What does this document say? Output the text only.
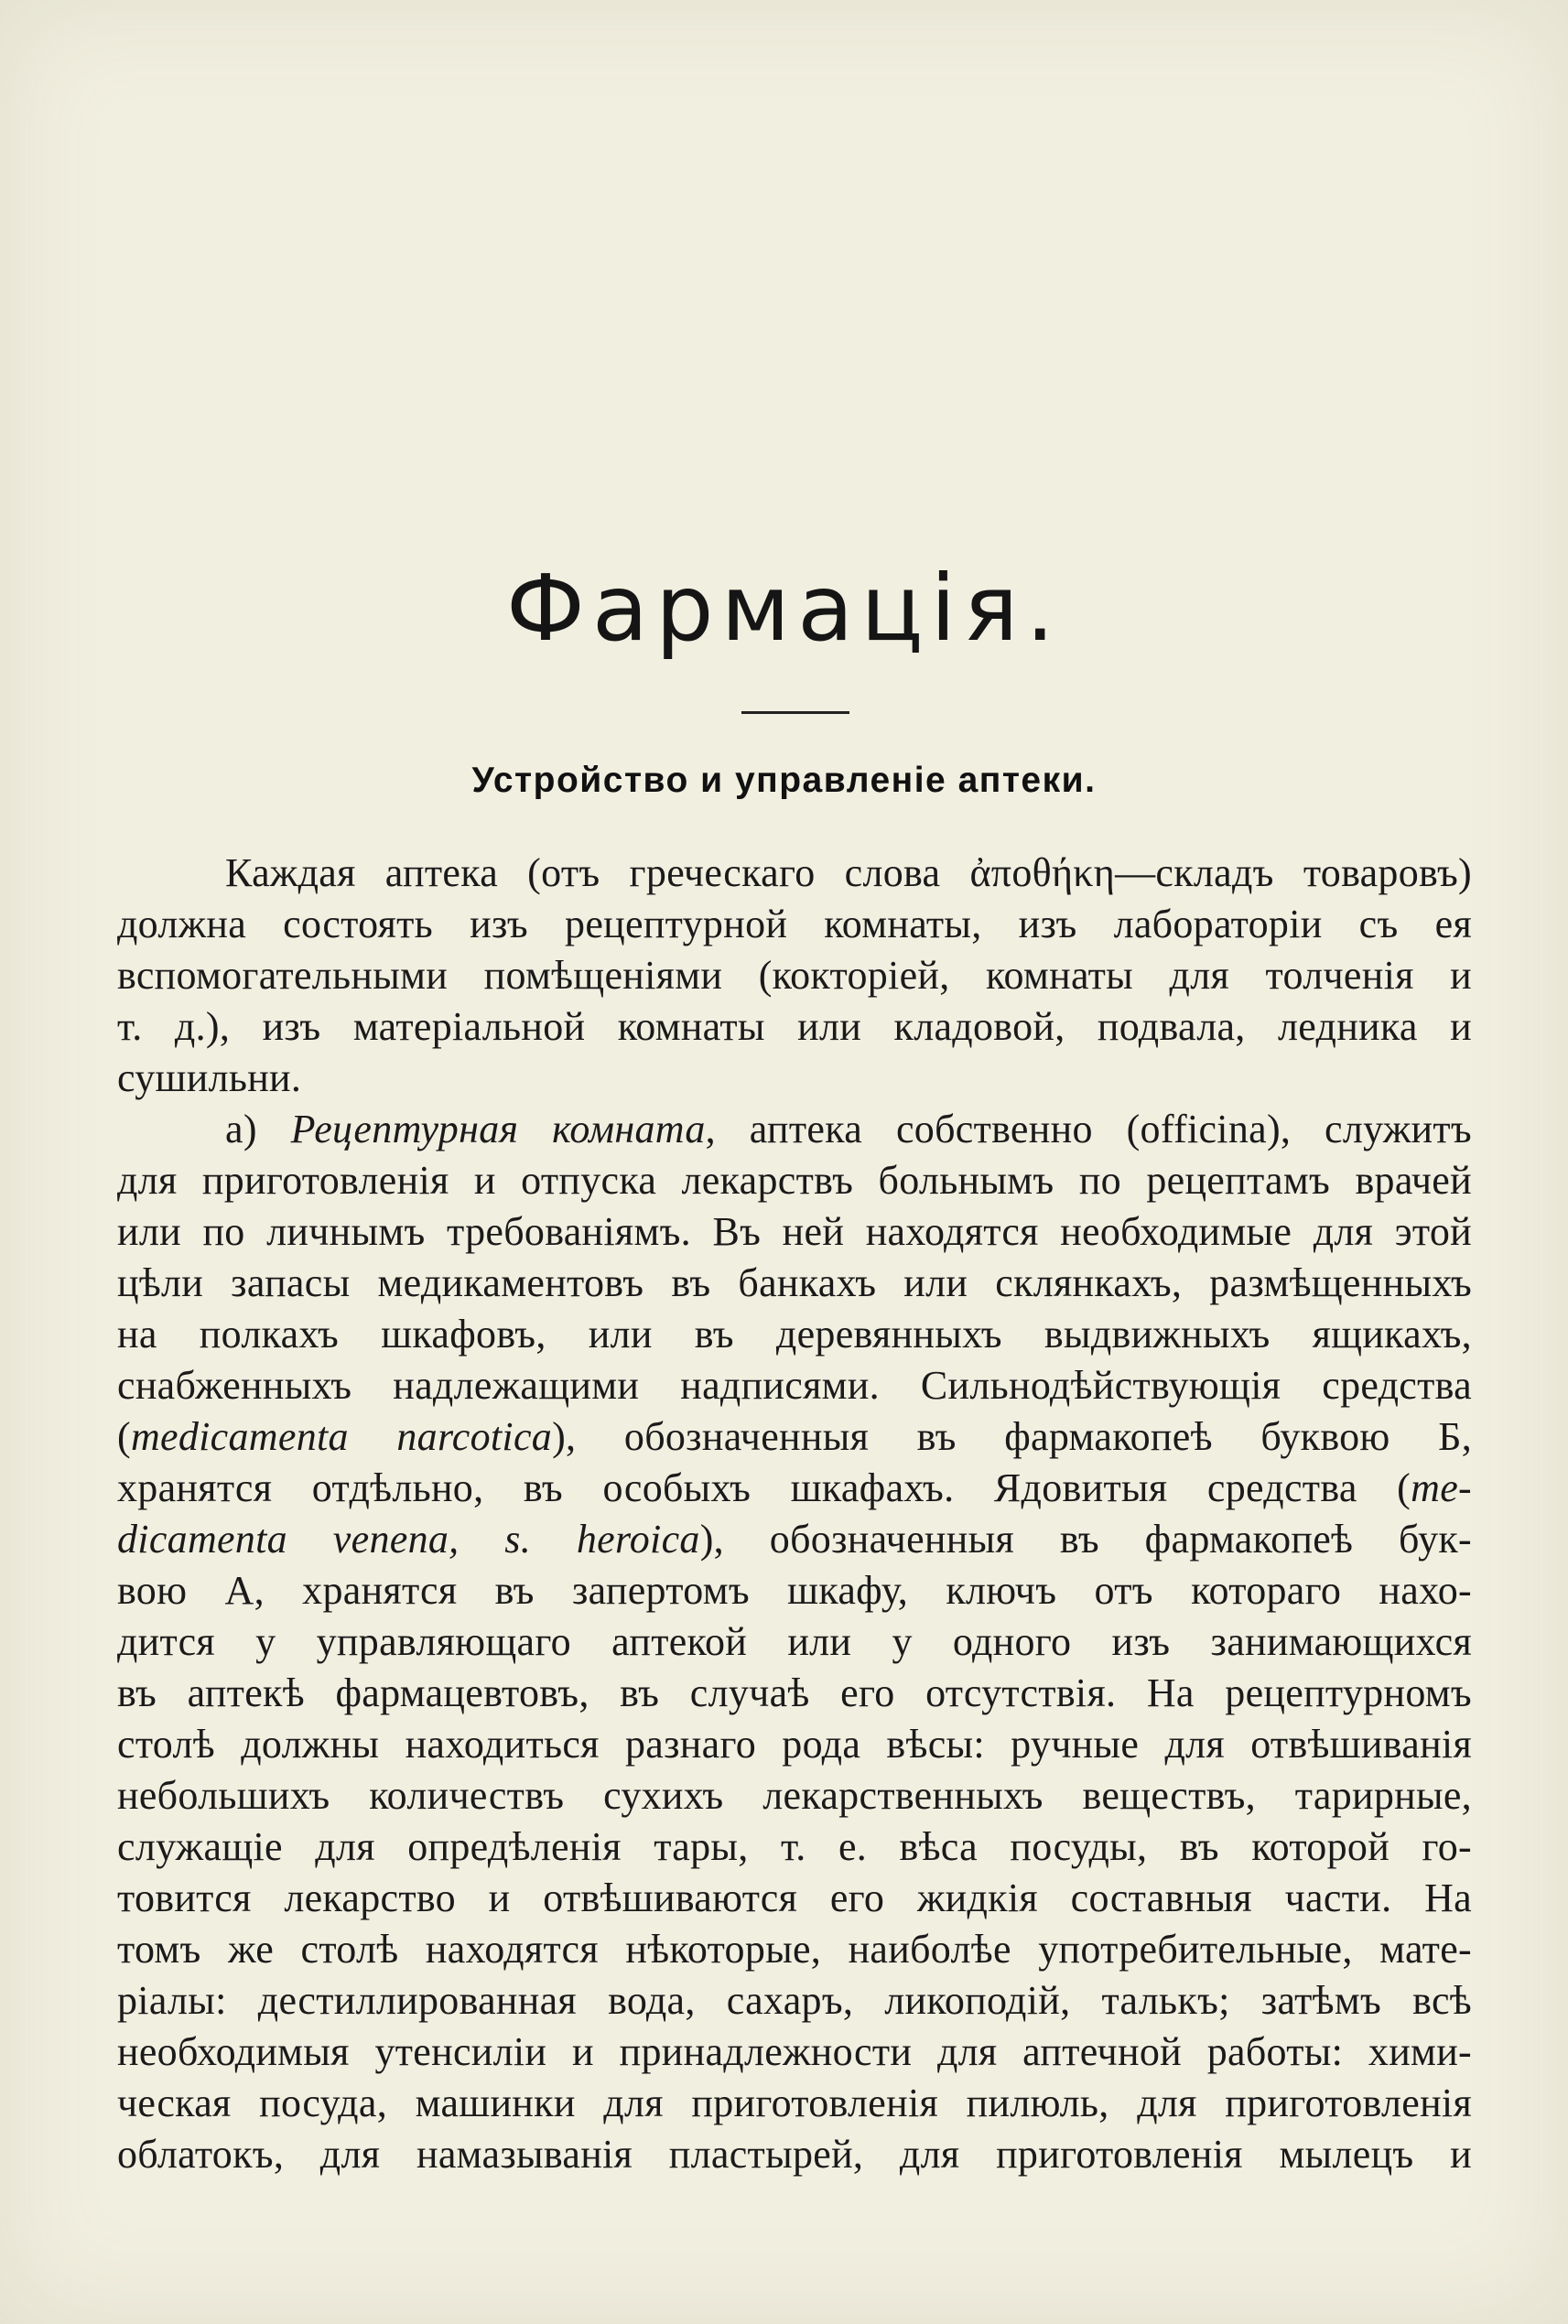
Фармація.
Устройство и управленіе аптеки.
Каждая аптека (отъ греческаго слова ἀποθήκη—складъ товаровъ)
должна состоять изъ рецептурной комнаты, изъ лабораторіи съ ея
вспомогательными помѣщеніями (кокторіей, комнаты для толченія и
т. д.), изъ матеріальной комнаты или кладовой, подвала, ледника и
сушильни.
а) Рецептурная комната, аптека собственно (officina), служитъ
для приготовленія и отпуска лекарствъ больнымъ по рецептамъ врачей
или по личнымъ требованіямъ. Въ ней находятся необходимые для этой
цѣли запасы медикаментовъ въ банкахъ или склянкахъ, размѣщенныхъ
на полкахъ шкафовъ, или въ деревянныхъ выдвижныхъ ящикахъ,
снабженныхъ надлежащими надписями. Сильнодѣйствующія средства
(medicamenta narcotica), обозначенныя въ фармакопеѣ буквою Б,
хранятся отдѣльно, въ особыхъ шкафахъ. Ядовитыя средства (me-
dicamenta venena, s. heroica), обозначенныя въ фармакопеѣ бук-
вою А, хранятся въ запертомъ шкафу, ключъ отъ котораго нахо-
дится у управляющаго аптекой или у одного изъ занимающихся
въ аптекѣ фармацевтовъ, въ случаѣ его отсутствія. На рецептурномъ
столѣ должны находиться разнаго рода вѣсы: ручные для отвѣшиванія
небольшихъ количествъ сухихъ лекарственныхъ веществъ, тарирные,
служащіе для опредѣленія тары, т. е. вѣса посуды, въ которой го-
товится лекарство и отвѣшиваются его жидкія составныя части. На
томъ же столѣ находятся нѣкоторые, наиболѣе употребительные, мате-
ріалы: дестиллированная вода, сахаръ, ликоподій, талькъ; затѣмъ всѣ
необходимыя утенсиліи и принадлежности для аптечной работы: хими-
ческая посуда, машинки для приготовленія пилюль, для приготовленія
облатокъ, для намазыванія пластырей, для приготовленія мылецъ и
